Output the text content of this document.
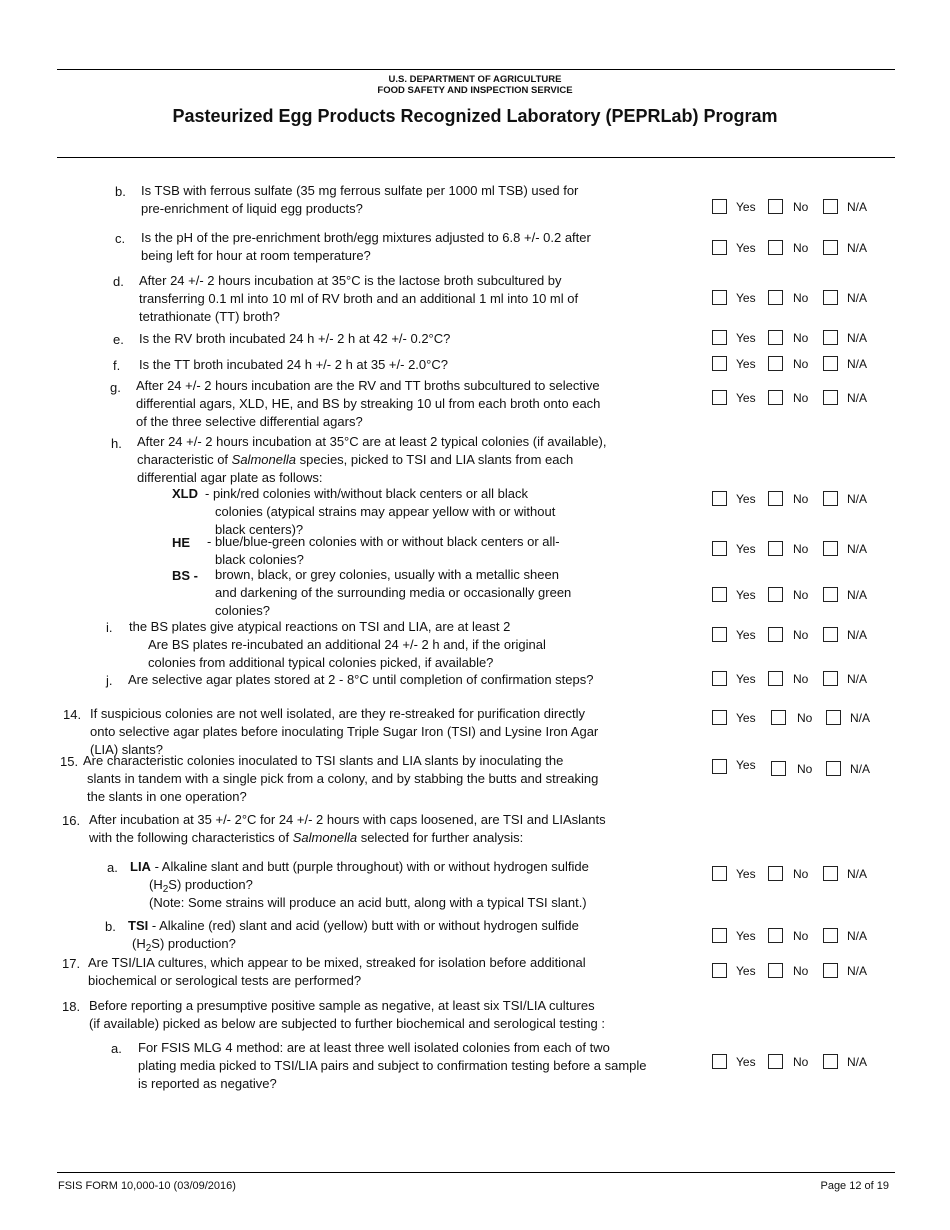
U.S. DEPARTMENT OF AGRICULTURE
FOOD SAFETY AND INSPECTION SERVICE
Pasteurized Egg Products Recognized Laboratory (PEPRLab) Program
b. Is TSB with ferrous sulfate (35 mg ferrous sulfate per 1000 ml TSB) used for
pre-enrichment of liquid egg products?	Yes	No	N/A
c. Is the pH of the pre-enrichment broth/egg mixtures adjusted to 6.8 +/- 0.2 after
being left for hour at room temperature?	Yes	No	N/A
d. After 24 +/- 2 hours incubation at 35°C is the lactose broth subcultured by
transferring 0.1 ml into 10 ml of RV broth and an additional 1 ml into 10 ml of
tetrathionate (TT) broth?
Yes	No	N/A
e. Is the RV broth incubated 24 h +/- 2 h at 42 +/- 0.2°C?	Yes	No	N/A
f. Is the TT broth incubated 24 h +/- 2 h at 35 +/- 2.0°C?	Yes	No	N/A
g. After 24 +/- 2 hours incubation are the RV and TT broths subcultured to selective
differential agars, XLD, HE, and BS by streaking 10 ul from each broth onto each
of the three selective differential agars?
Yes	No	N/A
h. After 24 +/- 2 hours incubation at 35°C are at least 2 typical colonies (if available),
characteristic of Salmonella species, picked to TSI and LIA slants from each
differential agar plate as follows:
XLD - pink/red colonies with/without black centers or all black
colonies (atypical strains may appear yellow with or without
black centers)?
Yes	No	N/A
HE - blue/blue-green colonies with or without black centers or all-
black colonies?
Yes	No	N/A
BS - brown, black, or grey colonies, usually with a metallic sheen
and darkening of the surrounding media or occasionally green
colonies?
Yes	No	N/A
i. the BS plates give atypical reactions on TSI and LIA, are at least 2
Are BS plates re-incubated an additional 24 +/- 2 h and, if the original
colonies from additional typical colonies picked, if available?
Yes	No	N/A
j. Are selective agar plates stored at 2 - 8°C until completion of confirmation steps?	Yes	No	N/A
14. If suspicious colonies are not well isolated, are they re-streaked for purification directly
onto selective agar plates before inoculating Triple Sugar Iron (TSI) and Lysine Iron Agar
(LIA) slants?
Yes	No	N/A
15. Are characteristic colonies inoculated to TSI slants and LIA slants by inoculating the
slants in tandem with a single pick from a colony, and by stabbing the butts and streaking
the slants in one operation?
Yes	No	N/A
16. After incubation at 35 +/- 2°C for 24 +/- 2 hours with caps loosened, are TSI and LIAslants
with the following characteristics of Salmonella selected for further analysis:
a. LIA - Alkaline slant and butt (purple throughout) with or without hydrogen sulfide
$(H_2S)$ production?
(Note: Some strains will produce an acid butt, along with a typical TSI slant.)
Yes	No	N/A
b. TSI - Alkaline (red) slant and acid (yellow) butt with or without hydrogen sulfide
$(H_2S)$ production?	Yes	No	N/A
17. Are TSI/LIA cultures, which appear to be mixed, streaked for isolation before additional
biochemical or serological tests are performed?
Yes	No	N/A
18. Before reporting a presumptive positive sample as negative, at least six TSI/LIA cultures
(if available) picked as below are subjected to further biochemical and serological testing :
a. For FSIS MLG 4 method: are at least three well isolated colonies from each of two
plating media picked to TSI/LIA pairs and subject to confirmation testing before a sample
is reported as negative?
Yes	No	N/A
FSIS FORM 10,000-10 (03/09/2016)	Page 12 of 19
